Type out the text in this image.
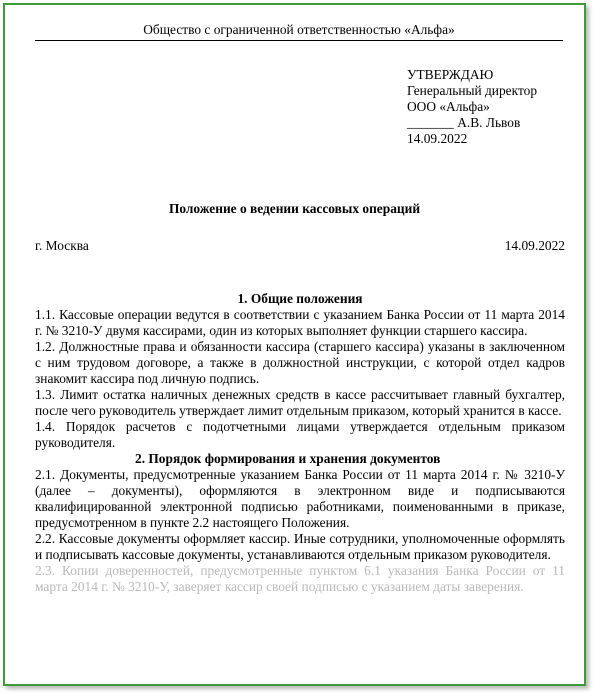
Общество с ограниченной ответственностью «Альфа»
УТВЕРЖДАЮ
Генеральный директор
ООО «Альфа»
_______ А.В. Львов
14.09.2022
Положение о ведении кассовых операций
г. Москва	14.09.2022
1. Общие положения
1.1. Кассовые операции ведутся в соответствии с указанием Банка России от 11 марта 2014 г. № 3210-У двумя кассирами, один из которых выполняет функции старшего кассира.
1.2. Должностные права и обязанности кассира (старшего кассира) указаны в заключенном с ним трудовом договоре, а также в должностной инструкции, с которой отдел кадров знакомит кассира под личную подпись.
1.3. Лимит остатка наличных денежных средств в кассе рассчитывает главный бухгалтер, после чего руководитель утверждает лимит отдельным приказом, который хранится в кассе.
1.4. Порядок расчетов с подотчетными лицами утверждается отдельным приказом руководителя.
2. Порядок формирования и хранения документов
2.1. Документы, предусмотренные указанием Банка России от 11 марта 2014 г. № 3210-У (далее – документы), оформляются в электронном виде и подписываются квалифицированной электронной подписью работниками, поименованными в приказе, предусмотренном в пункте 2.2 настоящего Положения.
2.2. Кассовые документы оформляет кассир. Иные сотрудники, уполномоченные оформлять и подписывать кассовые документы, устанавливаются отдельным приказом руководителя.
2.3. Копии доверенностей, предусмотренные пунктом 6.1 указания Банка России от 11 марта 2014 г. № 3210-У, заверяет кассир своей подписью с указанием даты заверения.
